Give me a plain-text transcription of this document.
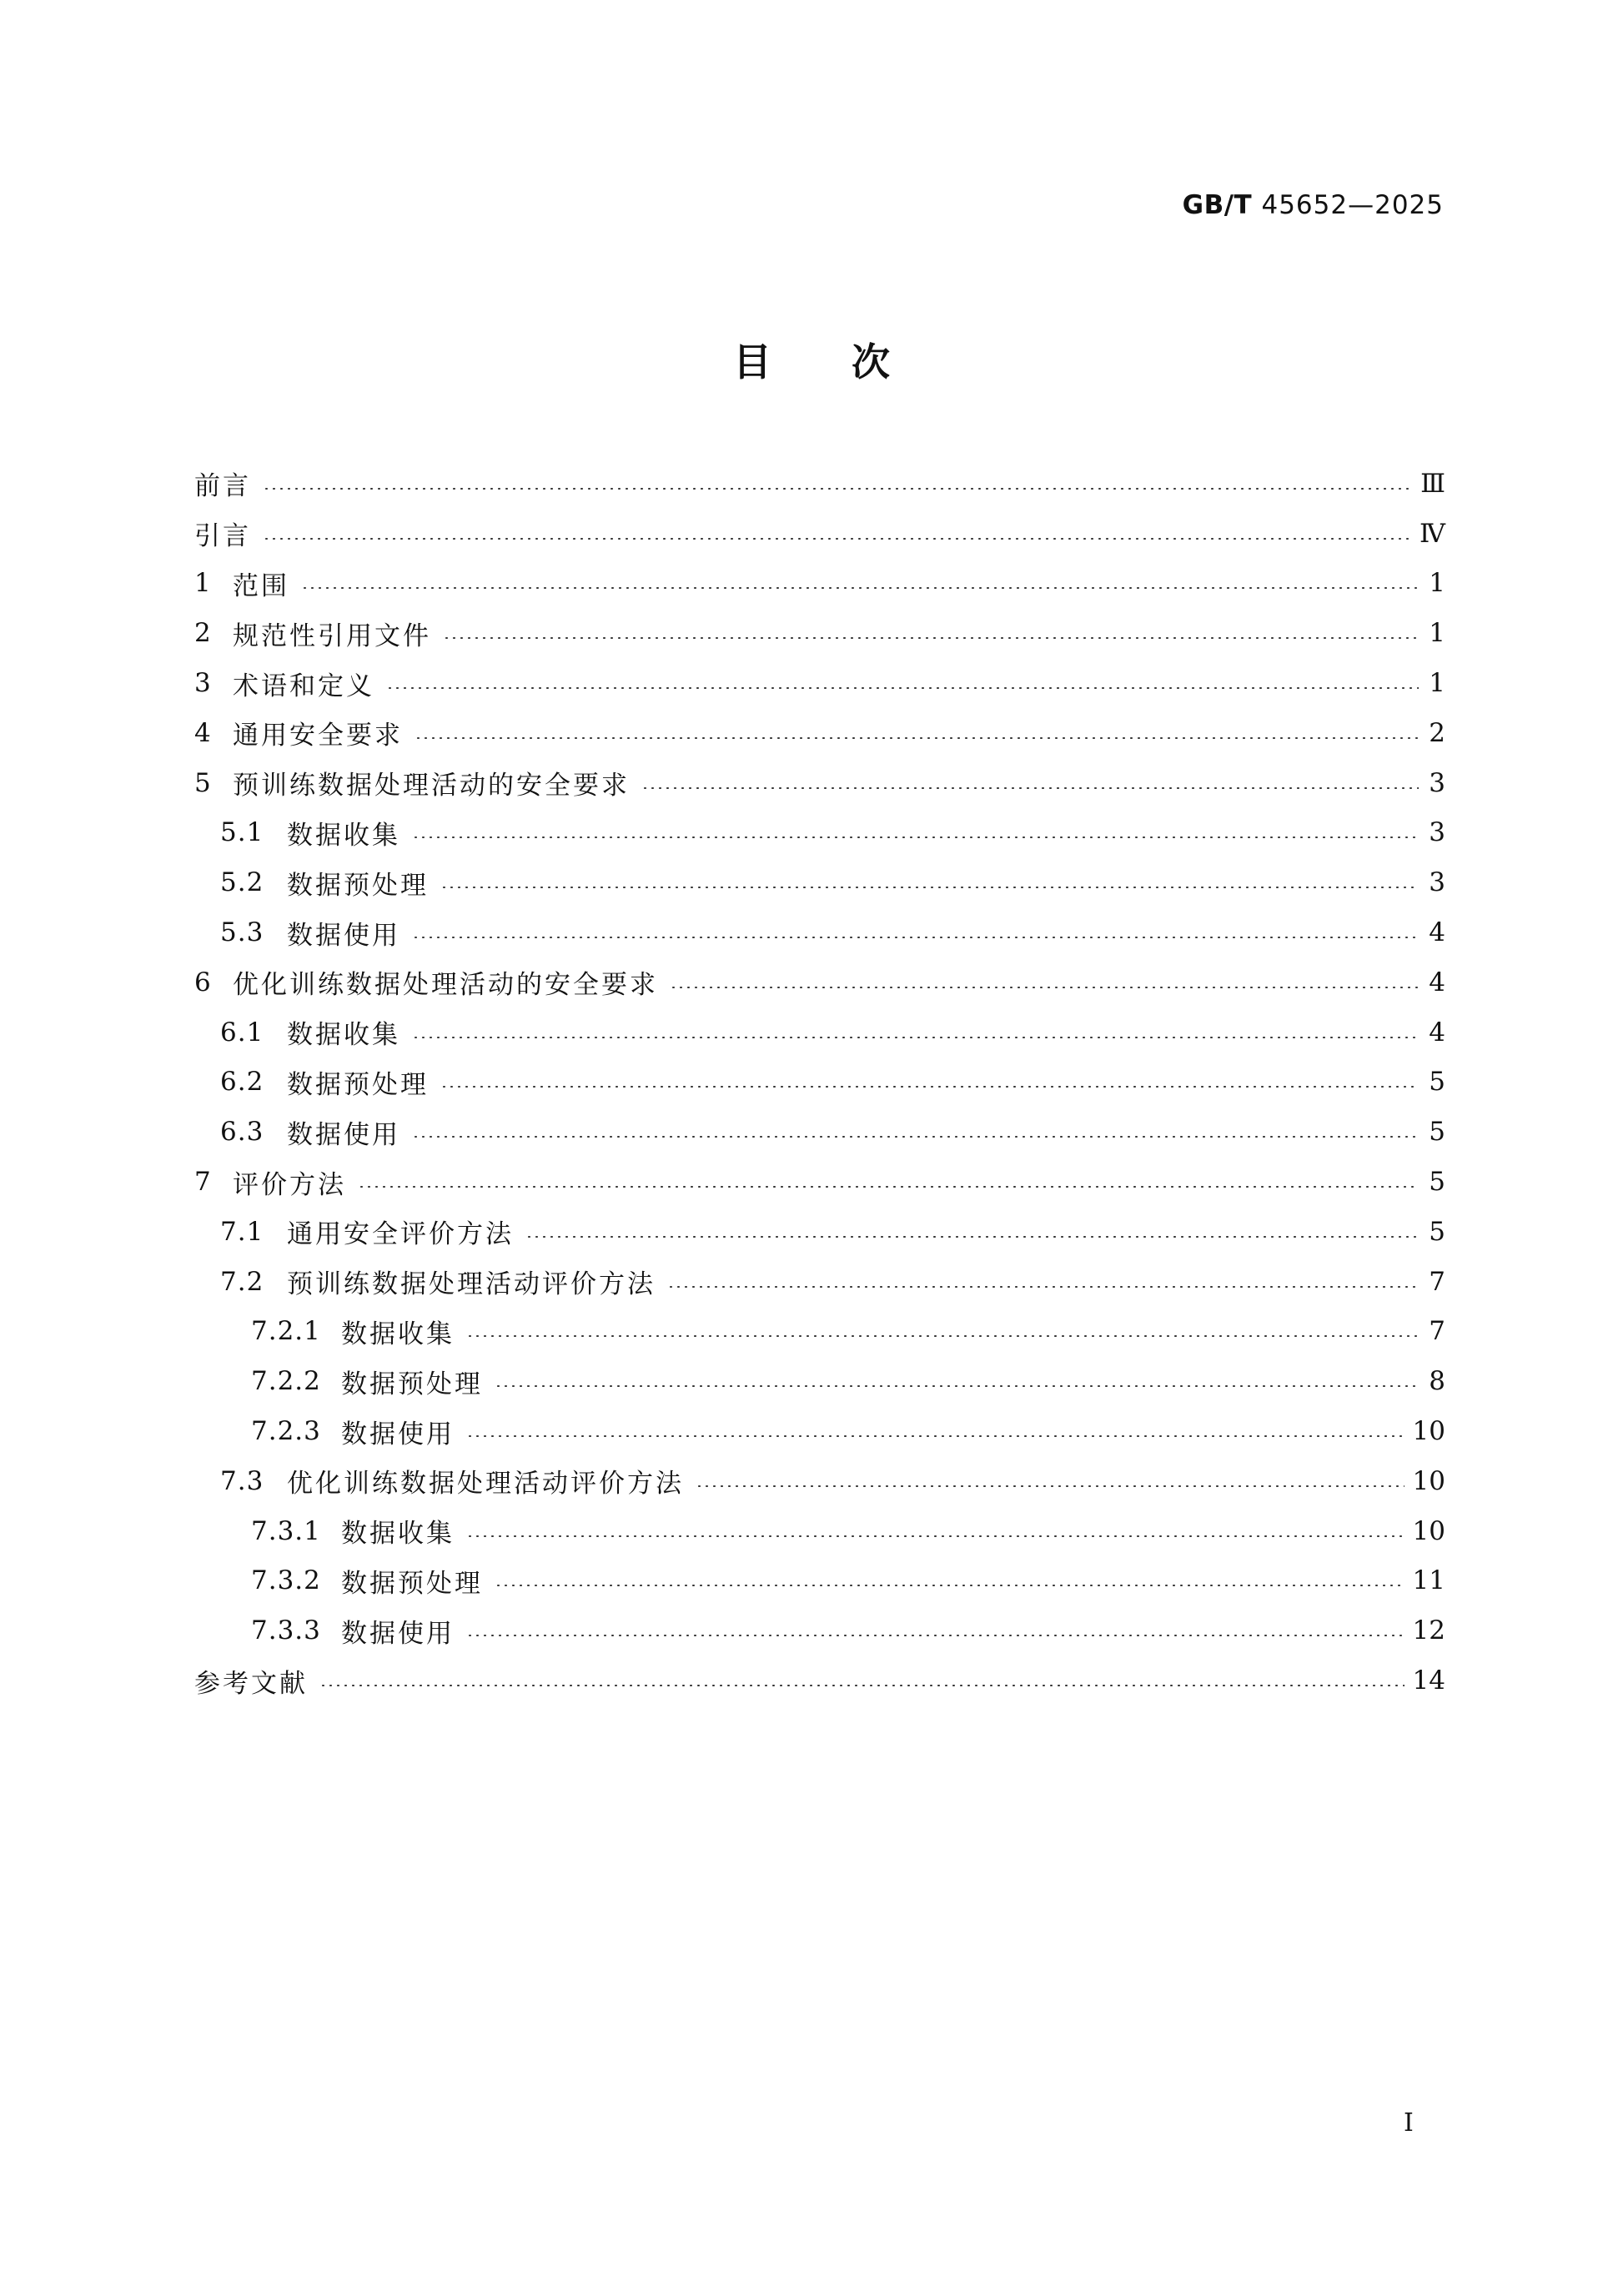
GB/T 45652—2025
目次
前言	Ⅲ
引言	Ⅳ
1 范围	1
2 规范性引用文件	1
3 术语和定义	1
4 通用安全要求	2
5 预训练数据处理活动的安全要求	3
5.1 数据收集	3
5.2 数据预处理	3
5.3 数据使用	4
6 优化训练数据处理活动的安全要求	4
6.1 数据收集	4
6.2 数据预处理	5
6.3 数据使用	5
7 评价方法	5
7.1 通用安全评价方法	5
7.2 预训练数据处理活动评价方法	7
7.2.1 数据收集	7
7.2.2 数据预处理	8
7.2.3 数据使用	10
7.3 优化训练数据处理活动评价方法	10
7.3.1 数据收集	10
7.3.2 数据预处理	11
7.3.3 数据使用	12
参考文献	14
Ⅰ
